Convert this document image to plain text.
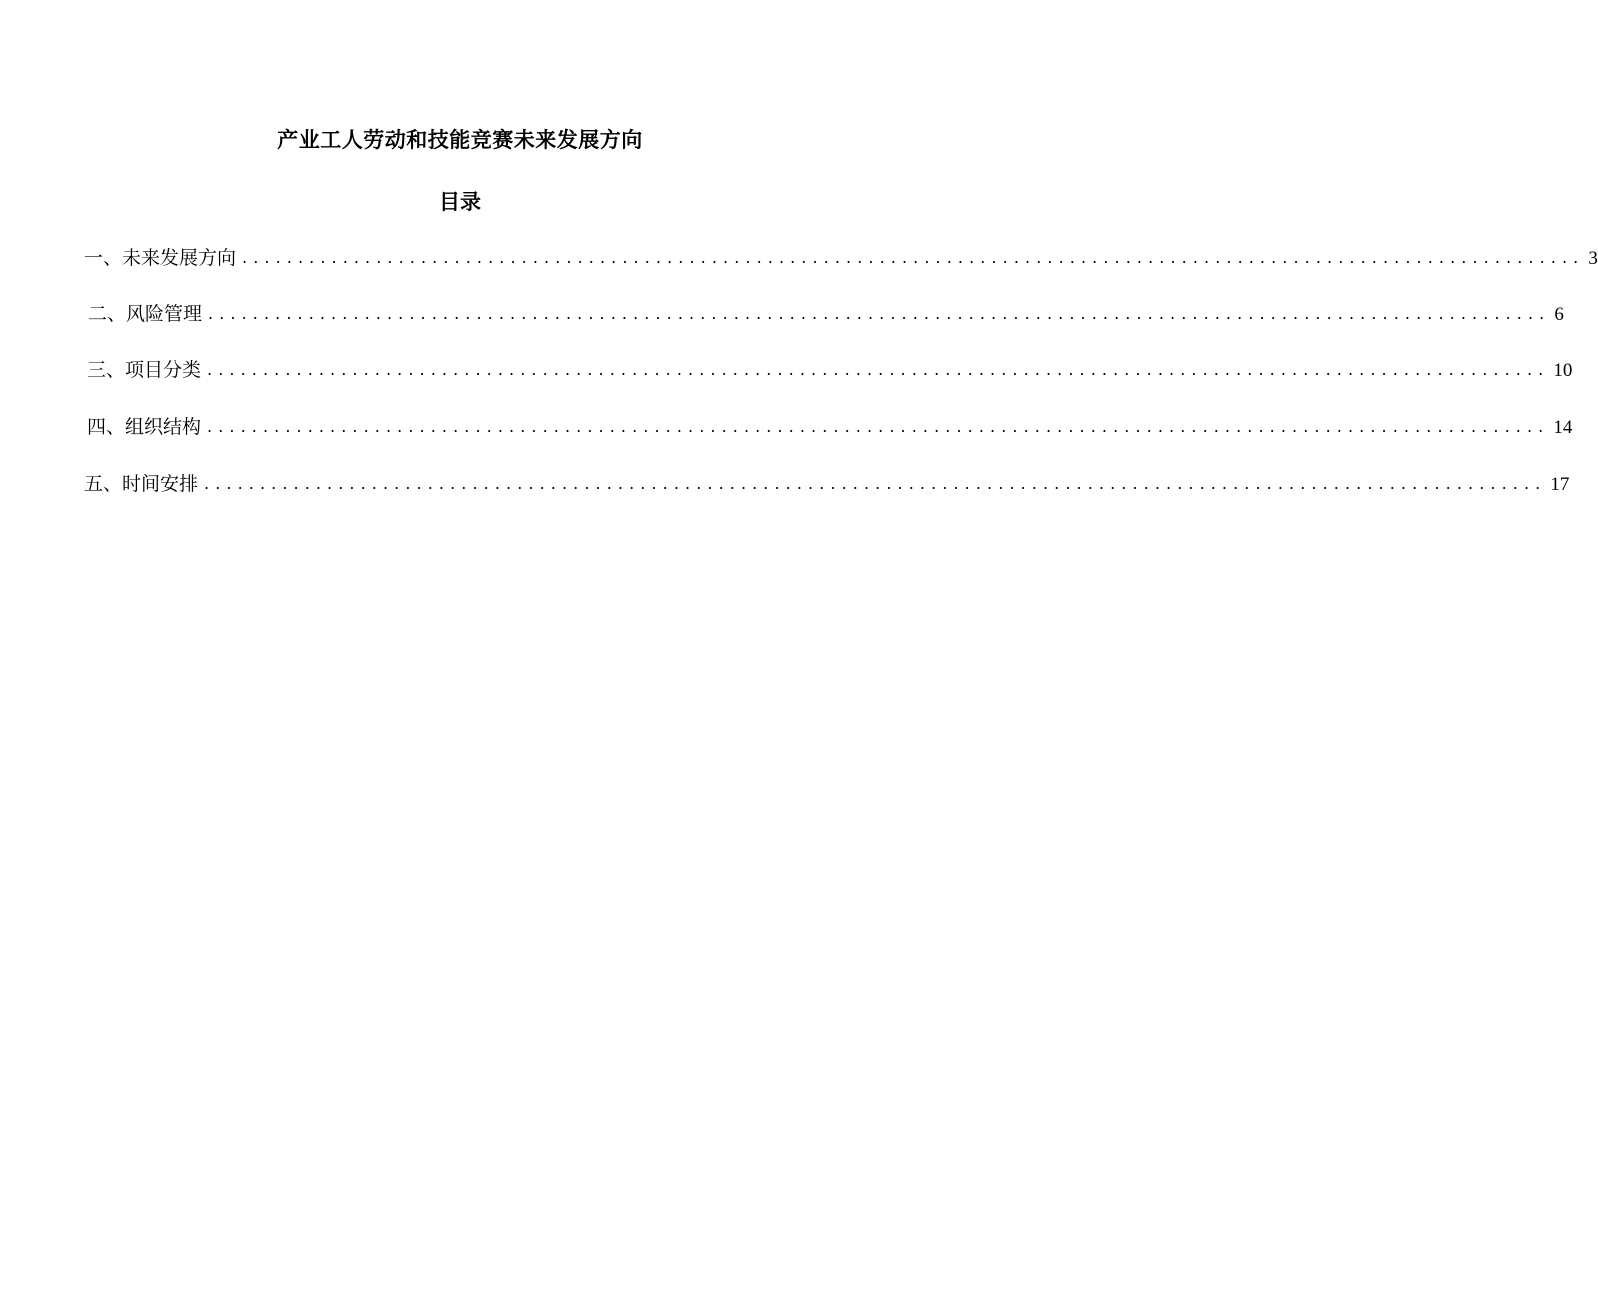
产业工人劳动和技能竞赛未来发展方向
目录
一、未来发展方向 ........................................................................................................................ 3
二、风险管理 ........................................................................................................................ 6
三、项目分类 ........................................................................................................................ 10
四、组织结构 ........................................................................................................................ 14
五、时间安排 ........................................................................................................................ 17
